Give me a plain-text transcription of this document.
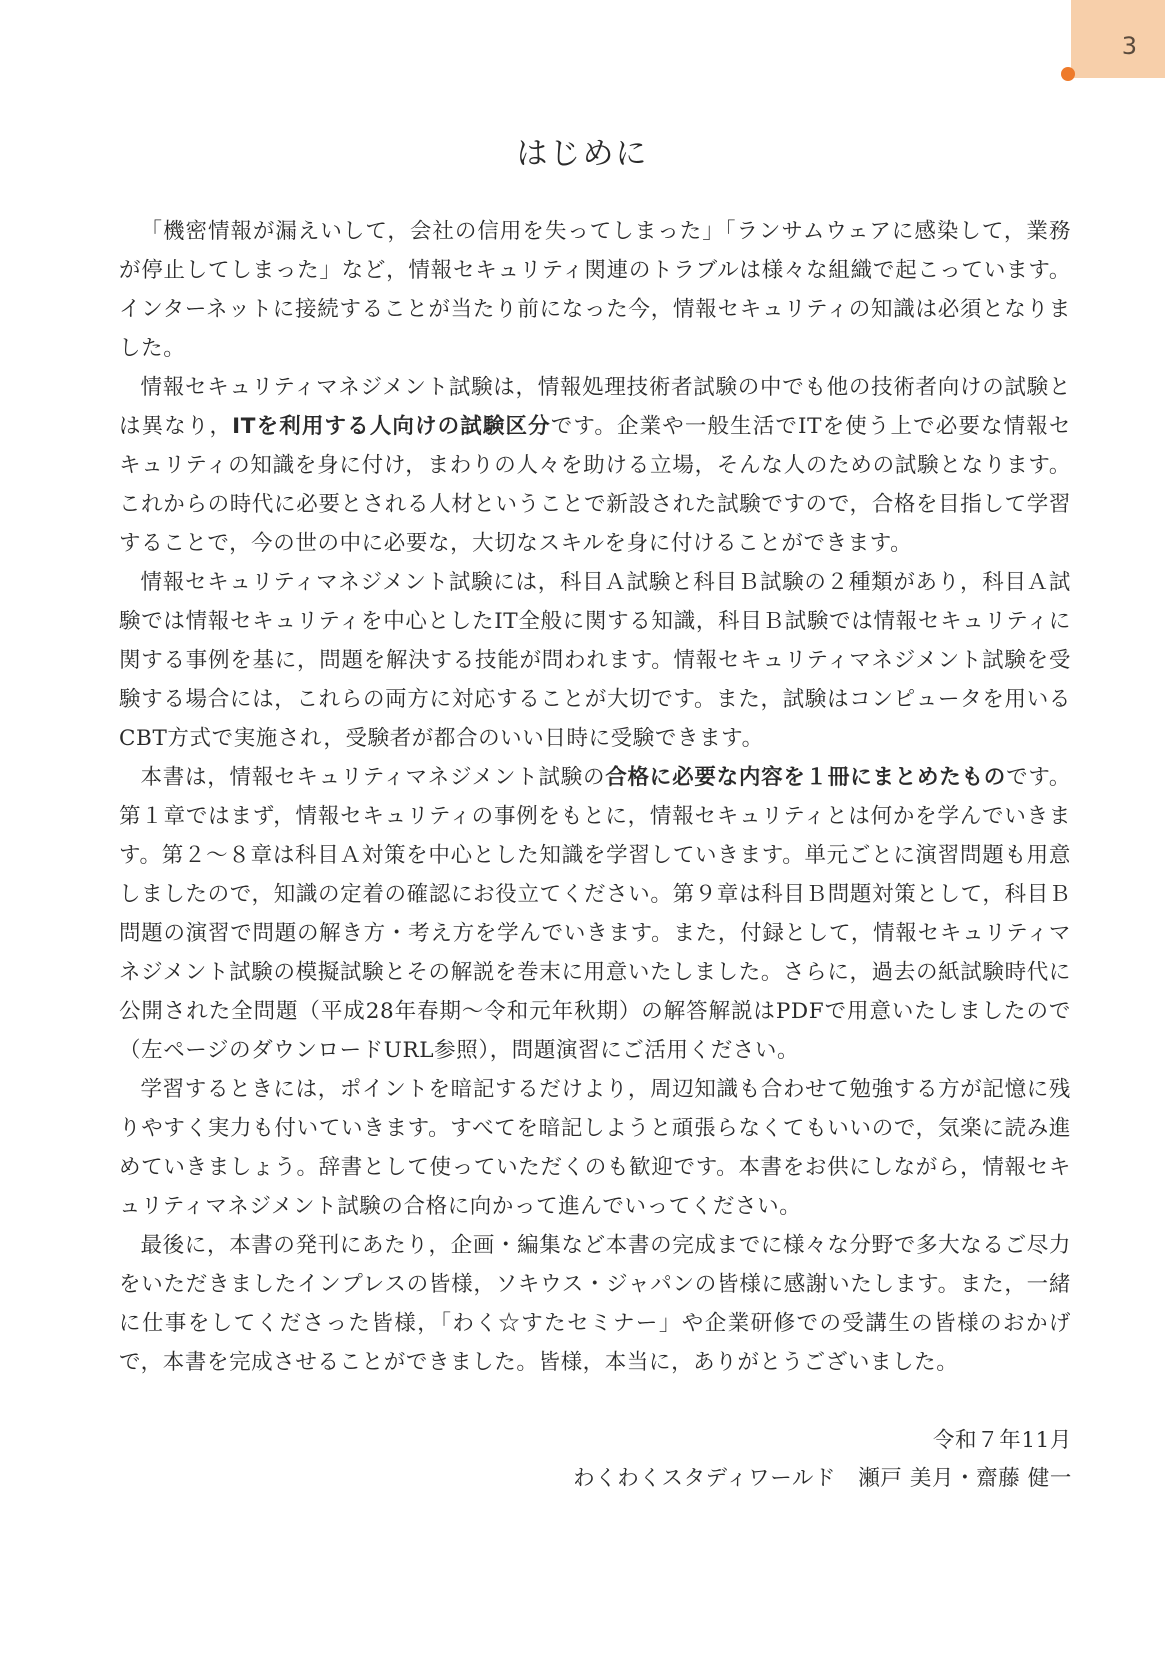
3
はじめに

「機密情報が漏えいして，会社の信用を失ってしまった」「ランサムウェアに感染して，業務が停止してしまった」など，情報セキュリティ関連のトラブルは様々な組織で起こっています。インターネットに接続することが当たり前になった今，情報セキュリティの知識は必須となりました。

情報セキュリティマネジメント試験は，情報処理技術者試験の中でも他の技術者向けの試験とは異なり，ITを利用する人向けの試験区分です。企業や一般生活でITを使う上で必要な情報セキュリティの知識を身に付け，まわりの人々を助ける立場，そんな人のための試験となります。これからの時代に必要とされる人材ということで新設された試験ですので，合格を目指して学習することで，今の世の中に必要な，大切なスキルを身に付けることができます。

情報セキュリティマネジメント試験には，科目Ａ試験と科目Ｂ試験の２種類があり，科目Ａ試験では情報セキュリティを中心としたIT全般に関する知識，科目Ｂ試験では情報セキュリティに関する事例を基に，問題を解決する技能が問われます。情報セキュリティマネジメント試験を受験する場合には，これらの両方に対応することが大切です。また，試験はコンピュータを用いるCBT方式で実施され，受験者が都合のいい日時に受験できます。

本書は，情報セキュリティマネジメント試験の合格に必要な内容を１冊にまとめたものです。第１章ではまず，情報セキュリティの事例をもとに，情報セキュリティとは何かを学んでいきます。第２～８章は科目Ａ対策を中心とした知識を学習していきます。単元ごとに演習問題も用意しましたので，知識の定着の確認にお役立てください。第９章は科目Ｂ問題対策として，科目Ｂ問題の演習で問題の解き方・考え方を学んでいきます。また，付録として，情報セキュリティマネジメント試験の模擬試験とその解説を巻末に用意いたしました。さらに，過去の紙試験時代に公開された全問題（平成28年春期～令和元年秋期）の解答解説はPDFで用意いたしましたので（左ページのダウンロードURL参照），問題演習にご活用ください。

学習するときには，ポイントを暗記するだけより，周辺知識も合わせて勉強する方が記憶に残りやすく実力も付いていきます。すべてを暗記しようと頑張らなくてもいいので，気楽に読み進めていきましょう。辞書として使っていただくのも歓迎です。本書をお供にしながら，情報セキュリティマネジメント試験の合格に向かって進んでいってください。

最後に，本書の発刊にあたり，企画・編集など本書の完成までに様々な分野で多大なるご尽力をいただきましたインプレスの皆様，ソキウス・ジャパンの皆様に感謝いたします。また，一緒に仕事をしてくださった皆様，「わく☆すたセミナー」や企業研修での受講生の皆様のおかげで，本書を完成させることができました。皆様，本当に，ありがとうございました。

令和７年11月
わくわくスタディワールド　瀬戸 美月・齋藤 健一
